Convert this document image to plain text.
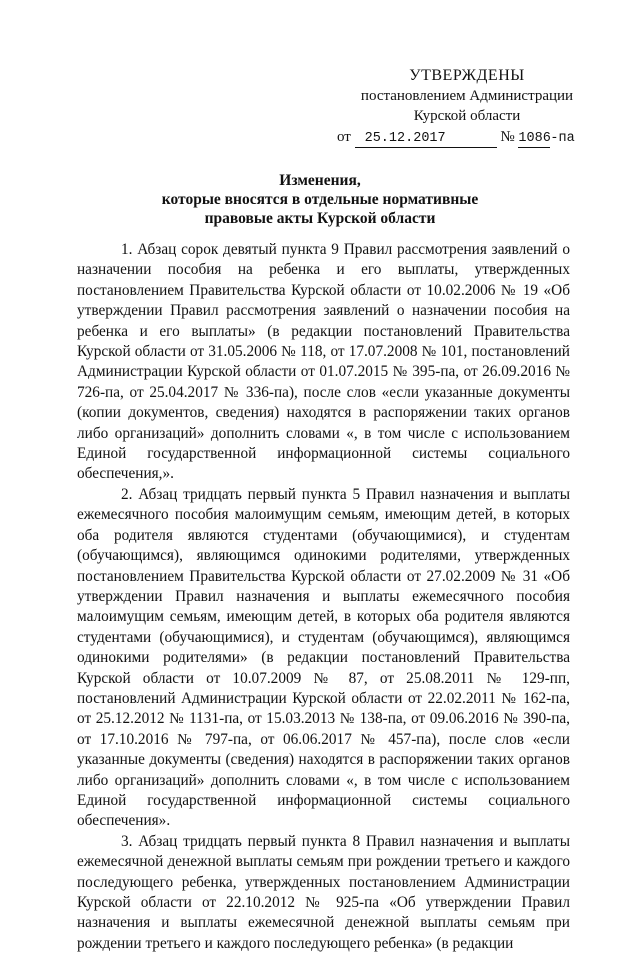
УТВЕРЖДЕНЫ
постановлением Администрации
Курской области
от 25.12.2017	№ 1086-па
Изменения,
которые вносятся в отдельные нормативные
правовые акты Курской области

1. Абзац сорок девятый пункта 9 Правил рассмотрения заявлений о назначении пособия на ребенка и его выплаты, утвержденных постановлением Правительства Курской области от 10.02.2006 № 19 «Об утверждении Правил рассмотрения заявлений о назначении пособия на ребенка и его выплаты» (в редакции постановлений Правительства Курской области от 31.05.2006 № 118, от 17.07.2008 № 101, постановлений Администрации Курской области от 01.07.2015 № 395-па, от 26.09.2016 № 726-па, от 25.04.2017 № 336-па), после слов «если указанные документы (копии документов, сведения) находятся в распоряжении таких органов либо организаций» дополнить словами «, в том числе с использованием Единой государственной информационной системы социального обеспечения,».

2. Абзац тридцать первый пункта 5 Правил назначения и выплаты ежемесячного пособия малоимущим семьям, имеющим детей, в которых оба родителя являются студентами (обучающимися), и студентам (обучающимся), являющимся одинокими родителями, утвержденных постановлением Правительства Курской области от 27.02.2009 № 31 «Об утверждении Правил назначения и выплаты ежемесячного пособия малоимущим семьям, имеющим детей, в которых оба родителя являются студентами (обучающимися), и студентам (обучающимся), являющимся одинокими родителями» (в редакции постановлений Правительства Курской области от 10.07.2009 № 87, от 25.08.2011 № 129-пп, постановлений Администрации Курской области от 22.02.2011 № 162-па, от 25.12.2012 № 1131-па, от 15.03.2013 № 138-па, от 09.06.2016 № 390-па, от 17.10.2016 № 797-па, от 06.06.2017 № 457-па), после слов «если указанные документы (сведения) находятся в распоряжении таких органов либо организаций» дополнить словами «, в том числе с использованием Единой государственной информационной системы социального обеспечения».

3. Абзац тридцать первый пункта 8 Правил назначения и выплаты ежемесячной денежной выплаты семьям при рождении третьего и каждого последующего ребенка, утвержденных постановлением Администрации Курской области от 22.10.2012 № 925-па «Об утверждении Правил назначения и выплаты ежемесячной денежной выплаты семьям при рождении третьего и каждого последующего ребенка» (в редакции
